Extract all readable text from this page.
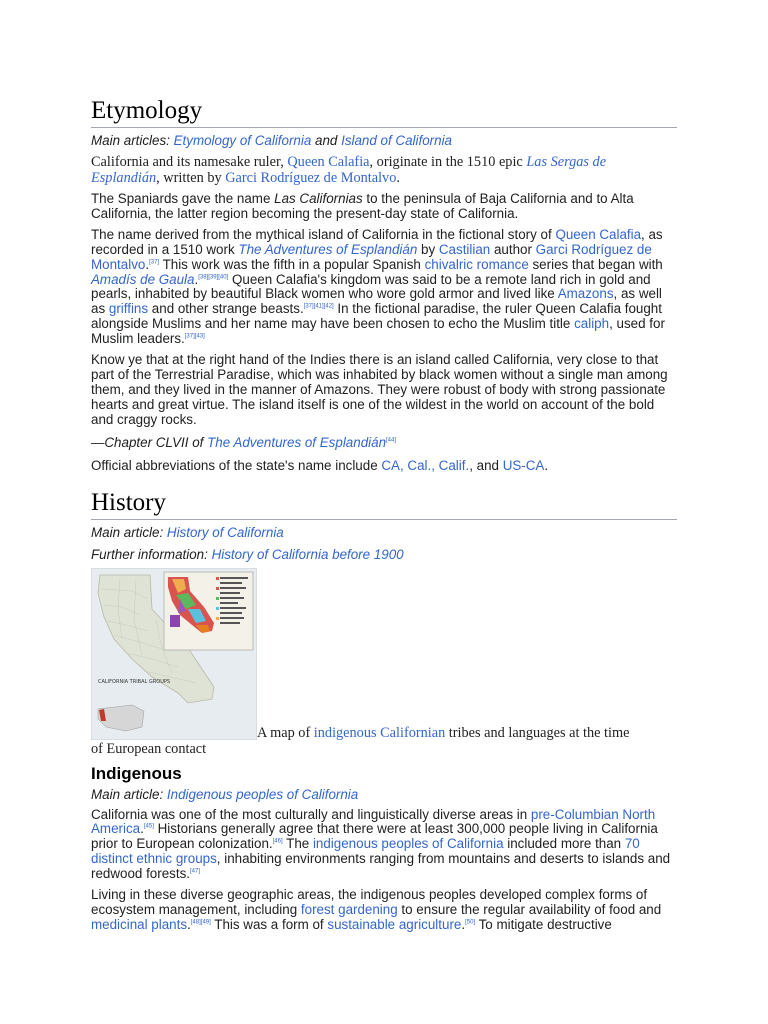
Etymology
Main articles: Etymology of California and Island of California

California and its namesake ruler, Queen Calafia, originate in the 1510 epic Las Sergas de Esplandián, written by Garci Rodríguez de Montalvo.

The Spaniards gave the name Las Californias to the peninsula of Baja California and to Alta California, the latter region becoming the present-day state of California.

The name derived from the mythical island of California in the fictional story of Queen Calafia, as recorded in a 1510 work The Adventures of Esplandián by Castilian author Garci Rodríguez de Montalvo.[37] This work was the fifth in a popular Spanish chivalric romance series that began with Amadís de Gaula.[38][39][40] Queen Calafia's kingdom was said to be a remote land rich in gold and pearls, inhabited by beautiful Black women who wore gold armor and lived like Amazons, as well as griffins and other strange beasts.[37][41][42] In the fictional paradise, the ruler Queen Calafia fought alongside Muslims and her name may have been chosen to echo the Muslim title caliph, used for Muslim leaders.[37][43]

Know ye that at the right hand of the Indies there is an island called California, very close to that part of the Terrestrial Paradise, which was inhabited by black women without a single man among them, and they lived in the manner of Amazons. They were robust of body with strong passionate hearts and great virtue. The island itself is one of the wildest in the world on account of the bold and craggy rocks.
—Chapter CLVII of The Adventures of Esplandián[44]

Official abbreviations of the state's name include CA, Cal., Calif., and US-CA.

History
Main article: History of California
Further information: History of California before 1900
CALIFORNIA TRIBAL GROUPS
A map of indigenous Californian tribes and languages at the time
of European contact
Indigenous
Main article: Indigenous peoples of California

California was one of the most culturally and linguistically diverse areas in pre-Columbian North America.[45] Historians generally agree that there were at least 300,000 people living in California prior to European colonization.[46] The indigenous peoples of California included more than 70 distinct ethnic groups, inhabiting environments ranging from mountains and deserts to islands and redwood forests.[47]

Living in these diverse geographic areas, the indigenous peoples developed complex forms of ecosystem management, including forest gardening to ensure the regular availability of food and medicinal plants.[48][49] This was a form of sustainable agriculture.[50] To mitigate destructive
